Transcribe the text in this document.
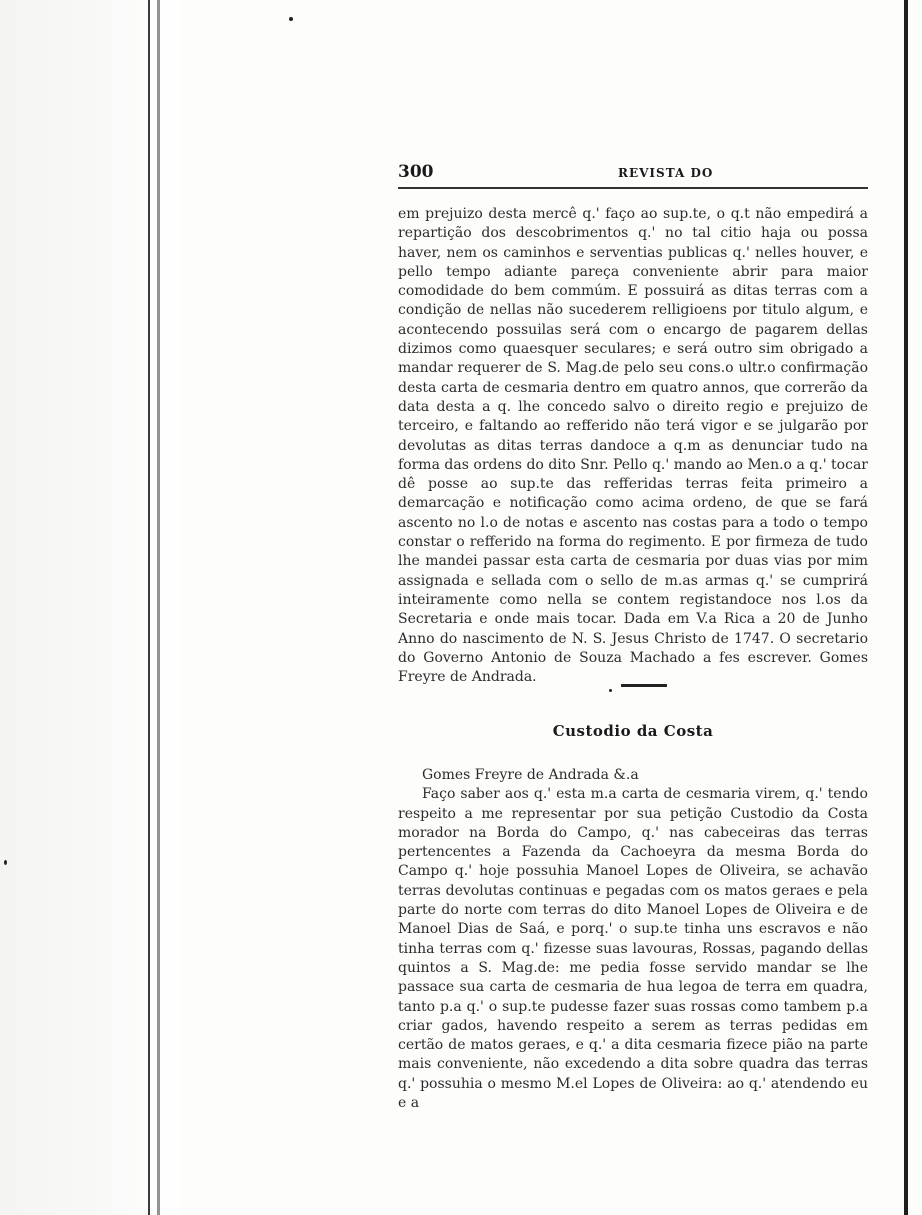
300	REVISTA DO
em prejuizo desta mercê q.' faço ao sup.te, o q.t não empedirá a repartição dos descobrimentos q.' no tal citio haja ou possa haver, nem os caminhos e serventias publicas q.' nelles houver, e pello tempo adiante pareça conveniente abrir para maior comodidade do bem commúm. E possuirá as ditas terras com a condição de nellas não sucederem relligioens por titulo algum, e acontecendo possuilas será com o encargo de pagarem dellas dizimos como quaesquer seculares; e será outro sim obrigado a mandar requerer de S. Mag.de pelo seu cons.o ultr.o confirmação desta carta de cesmaria dentro em quatro annos, que correrão da data desta a q. lhe concedo salvo o direito regio e prejuizo de terceiro, e faltando ao refferido não terá vigor e se julgarão por devolutas as ditas terras dandoce a q.m as denunciar tudo na forma das ordens do dito Snr. Pello q.' mando ao Men.o a q.' tocar dê posse ao sup.te das refferidas terras feita primeiro a demarcação e notificação como acima ordeno, de que se fará ascento no l.o de notas e ascento nas costas para a todo o tempo constar o refferido na forma do regimento. E por firmeza de tudo lhe mandei passar esta carta de cesmaria por duas vias por mim assignada e sellada com o sello de m.as armas q.' se cumprirá inteiramente como nella se contem registandoce nos l.os da Secretaria e onde mais tocar. Dada em V.a Rica a 20 de Junho Anno do nascimento de N. S. Jesus Christo de 1747. O secretario do Governo Antonio de Souza Machado a fes escrever. Gomes Freyre de Andrada.
Custodio da Costa

Gomes Freyre de Andrada &.a

Faço saber aos q.' esta m.a carta de cesmaria virem, q.' tendo respeito a me representar por sua petição Custodio da Costa morador na Borda do Campo, q.' nas cabeceiras das terras pertencentes a Fazenda da Cachoeyra da mesma Borda do Campo q.' hoje possuhia Manoel Lopes de Oliveira, se achavão terras devolutas continuas e pegadas com os matos geraes e pela parte do norte com terras do dito Manoel Lopes de Oliveira e de Manoel Dias de Saá, e porq.' o sup.te tinha uns escravos e não tinha terras com q.' fizesse suas lavouras, Rossas, pagando dellas quintos a S. Mag.de: me pedia fosse servido mandar se lhe passace sua carta de cesmaria de hua legoa de terra em quadra, tanto p.a q.' o sup.te pudesse fazer suas rossas como tambem p.a criar gados, havendo respeito a serem as terras pedidas em certão de matos geraes, e q.' a dita cesmaria fizece pião na parte mais conveniente, não excedendo a dita sobre quadra das terras q.' possuhia o mesmo M.el Lopes de Oliveira: ao q.' atendendo eu e a
